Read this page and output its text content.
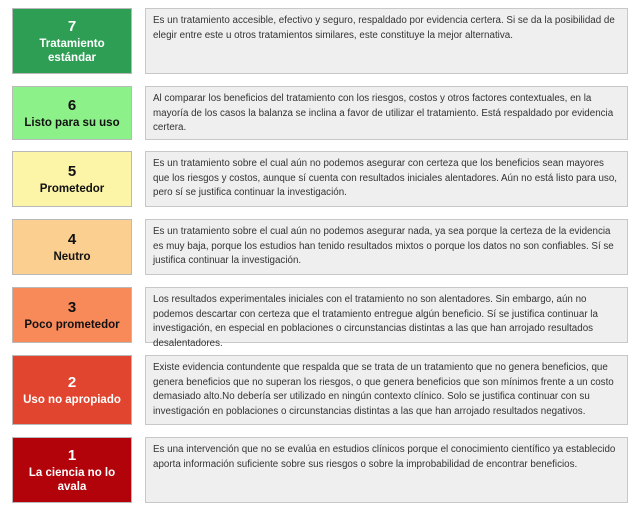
7
Tratamiento estándar
Es un tratamiento accesible, efectivo y seguro, respaldado por evidencia certera. Si se da la posibilidad de elegir entre este u otros tratamientos similares, este constituye la mejor alternativa.
6
Listo para su uso
Al comparar los beneficios del tratamiento con los riesgos, costos y otros factores contextuales, en la mayoría de los casos la balanza se inclina a favor de utilizar el tratamiento. Está respaldado por evidencia certera.
5
Prometedor
Es un tratamiento sobre el cual aún no podemos asegurar con certeza que los beneficios sean mayores que los riesgos y costos, aunque sí cuenta con resultados iniciales alentadores. Aún no está listo para uso, pero sí se justifica continuar la investigación.
4
Neutro
Es un tratamiento sobre el cual aún no podemos asegurar nada, ya sea porque la certeza de la evidencia es muy baja, porque los estudios han tenido resultados mixtos o porque los datos no son confiables. Sí se justifica continuar la investigación.
3
Poco prometedor
Los resultados experimentales iniciales con el tratamiento no son alentadores. Sin embargo, aún no podemos descartar con certeza que el tratamiento entregue algún beneficio. Sí se justifica continuar la investigación, en especial en poblaciones o circunstancias distintas a las que han arrojado resultados desalentadores.
2
Uso no apropiado
Existe evidencia contundente que respalda que se trata de un tratamiento que no genera beneficios, que genera beneficios que no superan los riesgos, o que genera beneficios que son mínimos frente a un costo demasiado alto.No debería ser utilizado en ningún contexto clínico. Solo se justifica continuar con su investigación en poblaciones o circunstancias distintas a las que han arrojado resultados negativos.
1
La ciencia no lo avala
Es una intervención que no se evalúa en estudios clínicos porque el conocimiento científico ya establecido aporta información suficiente sobre sus riesgos o sobre la improbabilidad de encontrar beneficios.
